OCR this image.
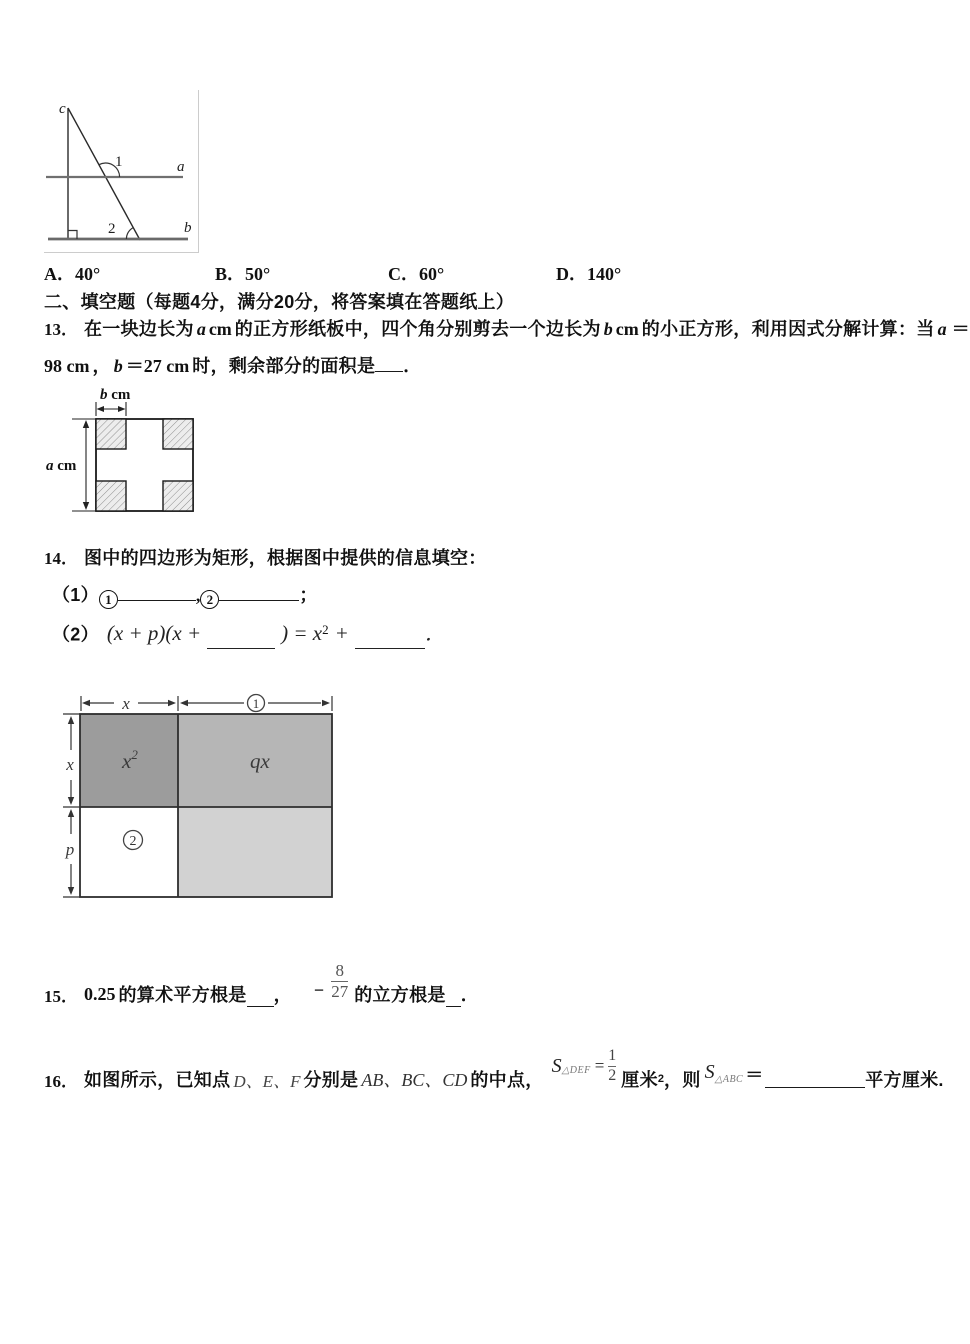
c
a
b
1
2
A．40°	B．50°	C．60°	D．140°
二、填空题（每题4分，满分20分，将答案填在答题纸上）
13． 在一块边长为 a cm 的正方形纸板中，四个角分别剪去一个边长为 b cm 的小正方形，利用因式分解计算：当 a ＝
98 cm ， b ＝27 cm 时，剩余部分的面积是 ．
b cm
a cm
14． 图中的四边形为矩形，根据图中提供的信息填空：
（1） 1	, 2	；
（2） (x + p)(x +	) = $x^2$ +	．
x	1
$x^2$	qx
2
x
p
15． 0.25 的算术平方根是 ， − $\frac{8}{27}$ 的立方根是 ．
16． 如图所示，已知点 D、E、F 分别是 AB、BC、CD 的中点，
S △DEF = $\frac{1}{2}$ 厘米 2 ，则 $S_{\triangle ABC}$ ＝	平方厘米.
